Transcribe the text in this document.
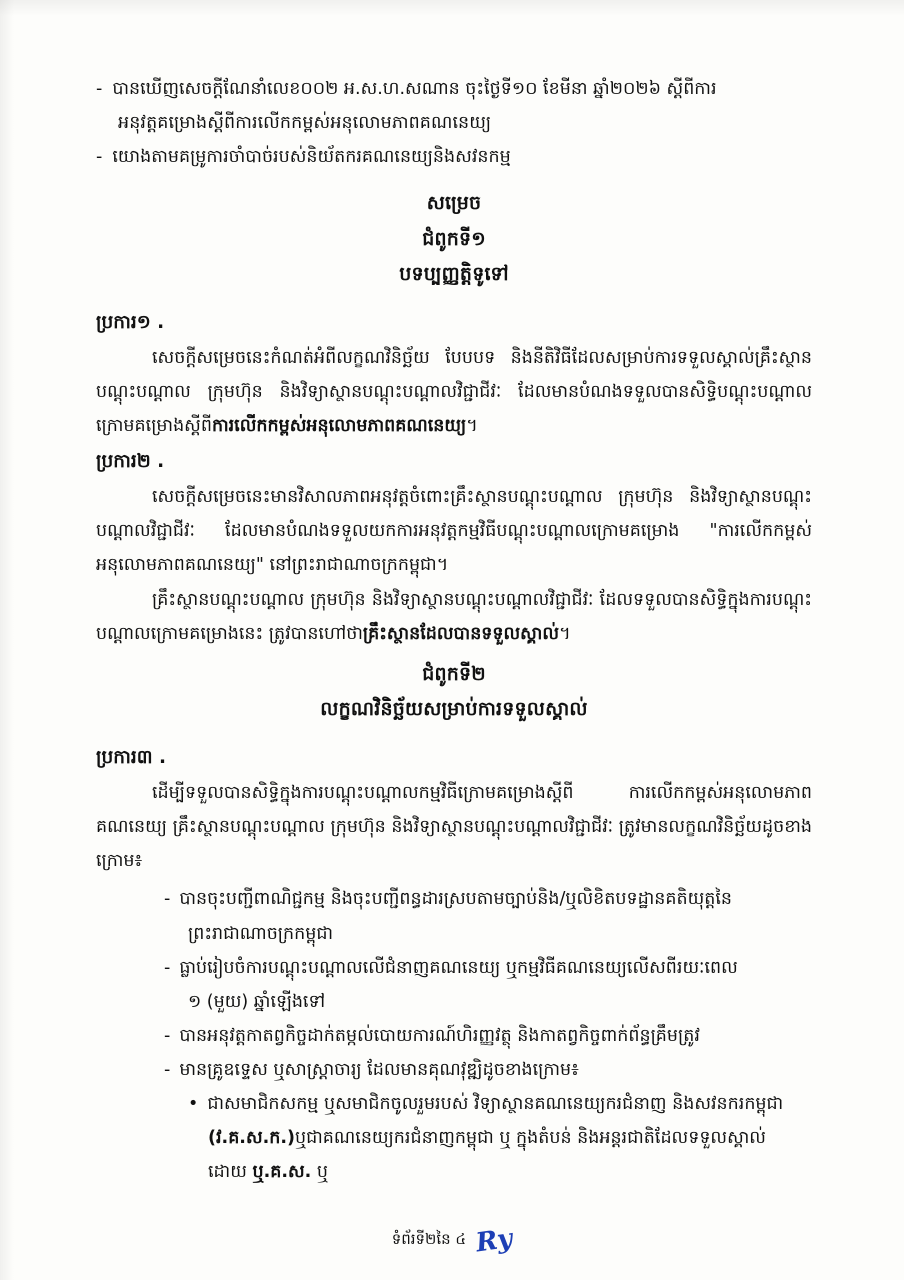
- បានឃើញសេចក្ដីណែនាំលេខ០០២ អ.ស.ហ.សណាន ចុះថ្ងៃទី១០ ខែមីនា ឆ្នាំ២០២៦ ស្ដីពីការ
អនុវត្តគម្រោងស្ដីពីការលើកកម្ពស់អនុលោមភាពគណនេយ្យ
- យោងតាមគម្រូការចាំបាច់របស់និយ័តករគណនេយ្យនិងសវនកម្ម
សម្រេច
ជំពូកទី១
បទប្បញ្ញត្តិទូទៅ
ប្រការ១ .

សេចក្ដីសម្រេចនេះកំណត់អំពីលក្ខណវិនិច្ឆ័យ បែបបទ និងនីតិវិធីដែលសម្រាប់ការទទួលស្គាល់គ្រឹះស្ថានបណ្ដុះបណ្ដាល ក្រុមហ៊ុន និងវិទ្យាស្ថានបណ្ដុះបណ្ដាលវិជ្ជាជីវៈ ដែលមានបំណងទទួលបានសិទ្ធិបណ្ដុះបណ្ដាលក្រោមគម្រោងស្ដីពីការលើកកម្ពស់អនុលោមភាពគណនេយ្យ។

ប្រការ២ .

សេចក្ដីសម្រេចនេះមានវិសាលភាពអនុវត្តចំពោះគ្រឹះស្ថានបណ្ដុះបណ្ដាល ក្រុមហ៊ុន និងវិទ្យាស្ថានបណ្ដុះបណ្ដាលវិជ្ជាជីវៈ ដែលមានបំណងទទួលយកការអនុវត្តកម្មវិធីបណ្ដុះបណ្ដាលក្រោមគម្រោង "ការលើកកម្ពស់អនុលោមភាពគណនេយ្យ" នៅព្រះរាជាណាចក្រកម្ពុជា។

គ្រឹះស្ថានបណ្ដុះបណ្ដាល ក្រុមហ៊ុន និងវិទ្យាស្ថានបណ្ដុះបណ្ដាលវិជ្ជាជីវៈ ដែលទទួលបានសិទ្ធិក្នុងការបណ្ដុះបណ្ដាលក្រោមគម្រោងនេះ ត្រូវបានហៅថាគ្រឹះស្ថានដែលបានទទួលស្គាល់។

ជំពូកទី២
លក្ខណវិនិច្ឆ័យសម្រាប់ការទទួលស្គាល់
ប្រការ៣ .

ដើម្បីទទួលបានសិទ្ធិក្នុងការបណ្ដុះបណ្ដាលកម្មវិធីក្រោមគម្រោងស្ដីពី ការលើកកម្ពស់អនុលោមភាពគណនេយ្យ គ្រឹះស្ថានបណ្ដុះបណ្ដាល ក្រុមហ៊ុន និងវិទ្យាស្ថានបណ្ដុះបណ្ដាលវិជ្ជាជីវៈ ត្រូវមានលក្ខណវិនិច្ឆ័យដូចខាងក្រោម៖

- បានចុះបញ្ជីពាណិជ្ជកម្ម និងចុះបញ្ជីពន្ធដារស្របតាមច្បាប់និង/ឬលិខិតបទដ្ឋានគតិយុត្តនៃ
ព្រះរាជាណាចក្រកម្ពុជា
- ធ្លាប់រៀបចំការបណ្ដុះបណ្ដាលលើជំនាញគណនេយ្យ ឬកម្មវិធីគណនេយ្យលើសពីរយៈពេល
១ (មួយ) ឆ្នាំឡើងទៅ
- បានអនុវត្តកាតព្វកិច្ចដាក់តម្កល់បោយការណ៍ហិរញ្ញវត្ថុ និងកាតព្វកិច្ចពាក់ព័ន្ធគ្រឹមត្រូវ
- មានគ្រូឧទ្ទេស ឬសាស្ត្រាចារ្យ ដែលមានគុណវុឌ្ឍិដូចខាងក្រោម៖
• ជាសមាជិកសកម្ម ឬសមាជិកចូលរួមរបស់ វិទ្យាស្ថានគណនេយ្យករជំនាញ និងសវនករកម្ពុជា
(វ.គ.ស.ក.)ឬជាគណនេយ្យករជំនាញកម្ពុជា ឬ ក្នុងតំបន់ និងអន្តរជាតិដែលទទួលស្គាល់
ដោយ ឬ.គ.ស. ឬ
ទំព័រទី២នៃ ៤ Ry
